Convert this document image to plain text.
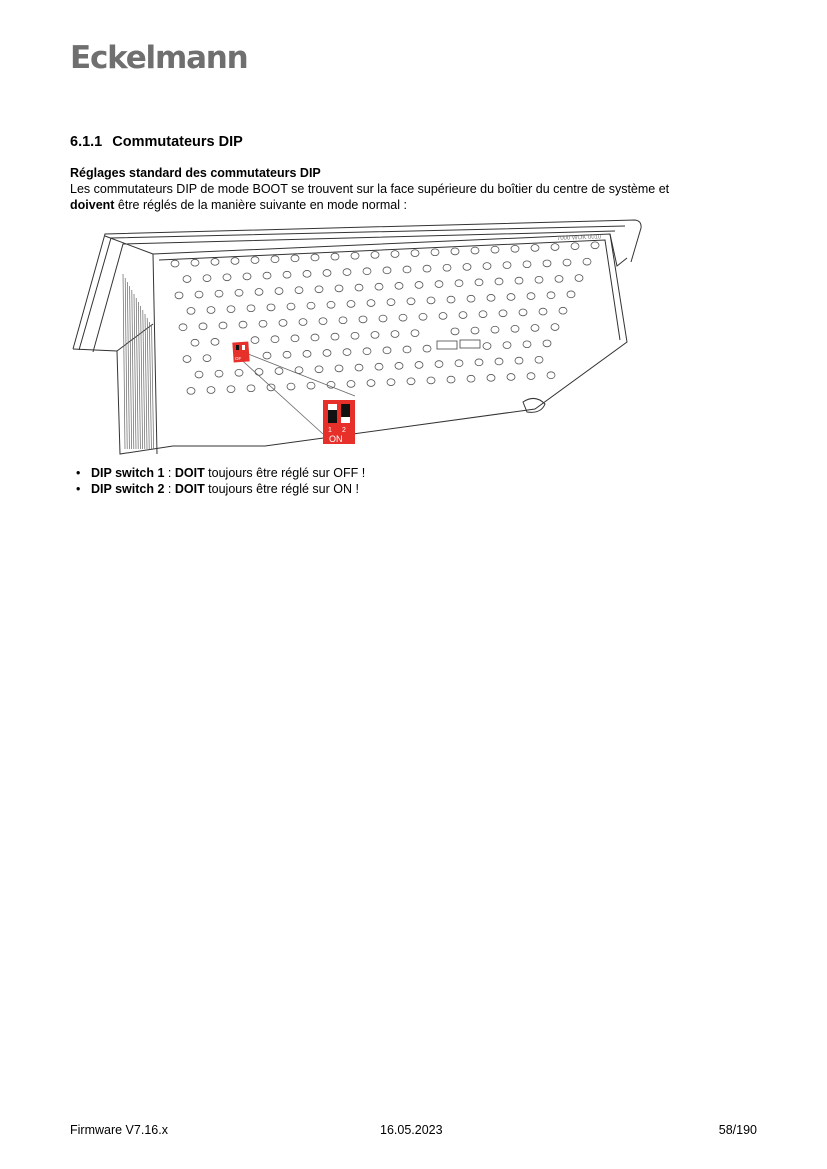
Eckelmann
6.1.1 Commutateurs DIP
Réglages standard des commutateurs DIP
Les commutateurs DIP de mode BOOT se trouvent sur la face supérieure du boîtier du centre de système et
doivent être réglés de la manière suivante en mode normal :
7000 WOK 0010
OF
1 2
ON
• DIP switch 1 : DOIT toujours être réglé sur OFF !
• DIP switch 2 : DOIT toujours être réglé sur ON !
Firmware V7.16.x	16.05.2023	58/190
